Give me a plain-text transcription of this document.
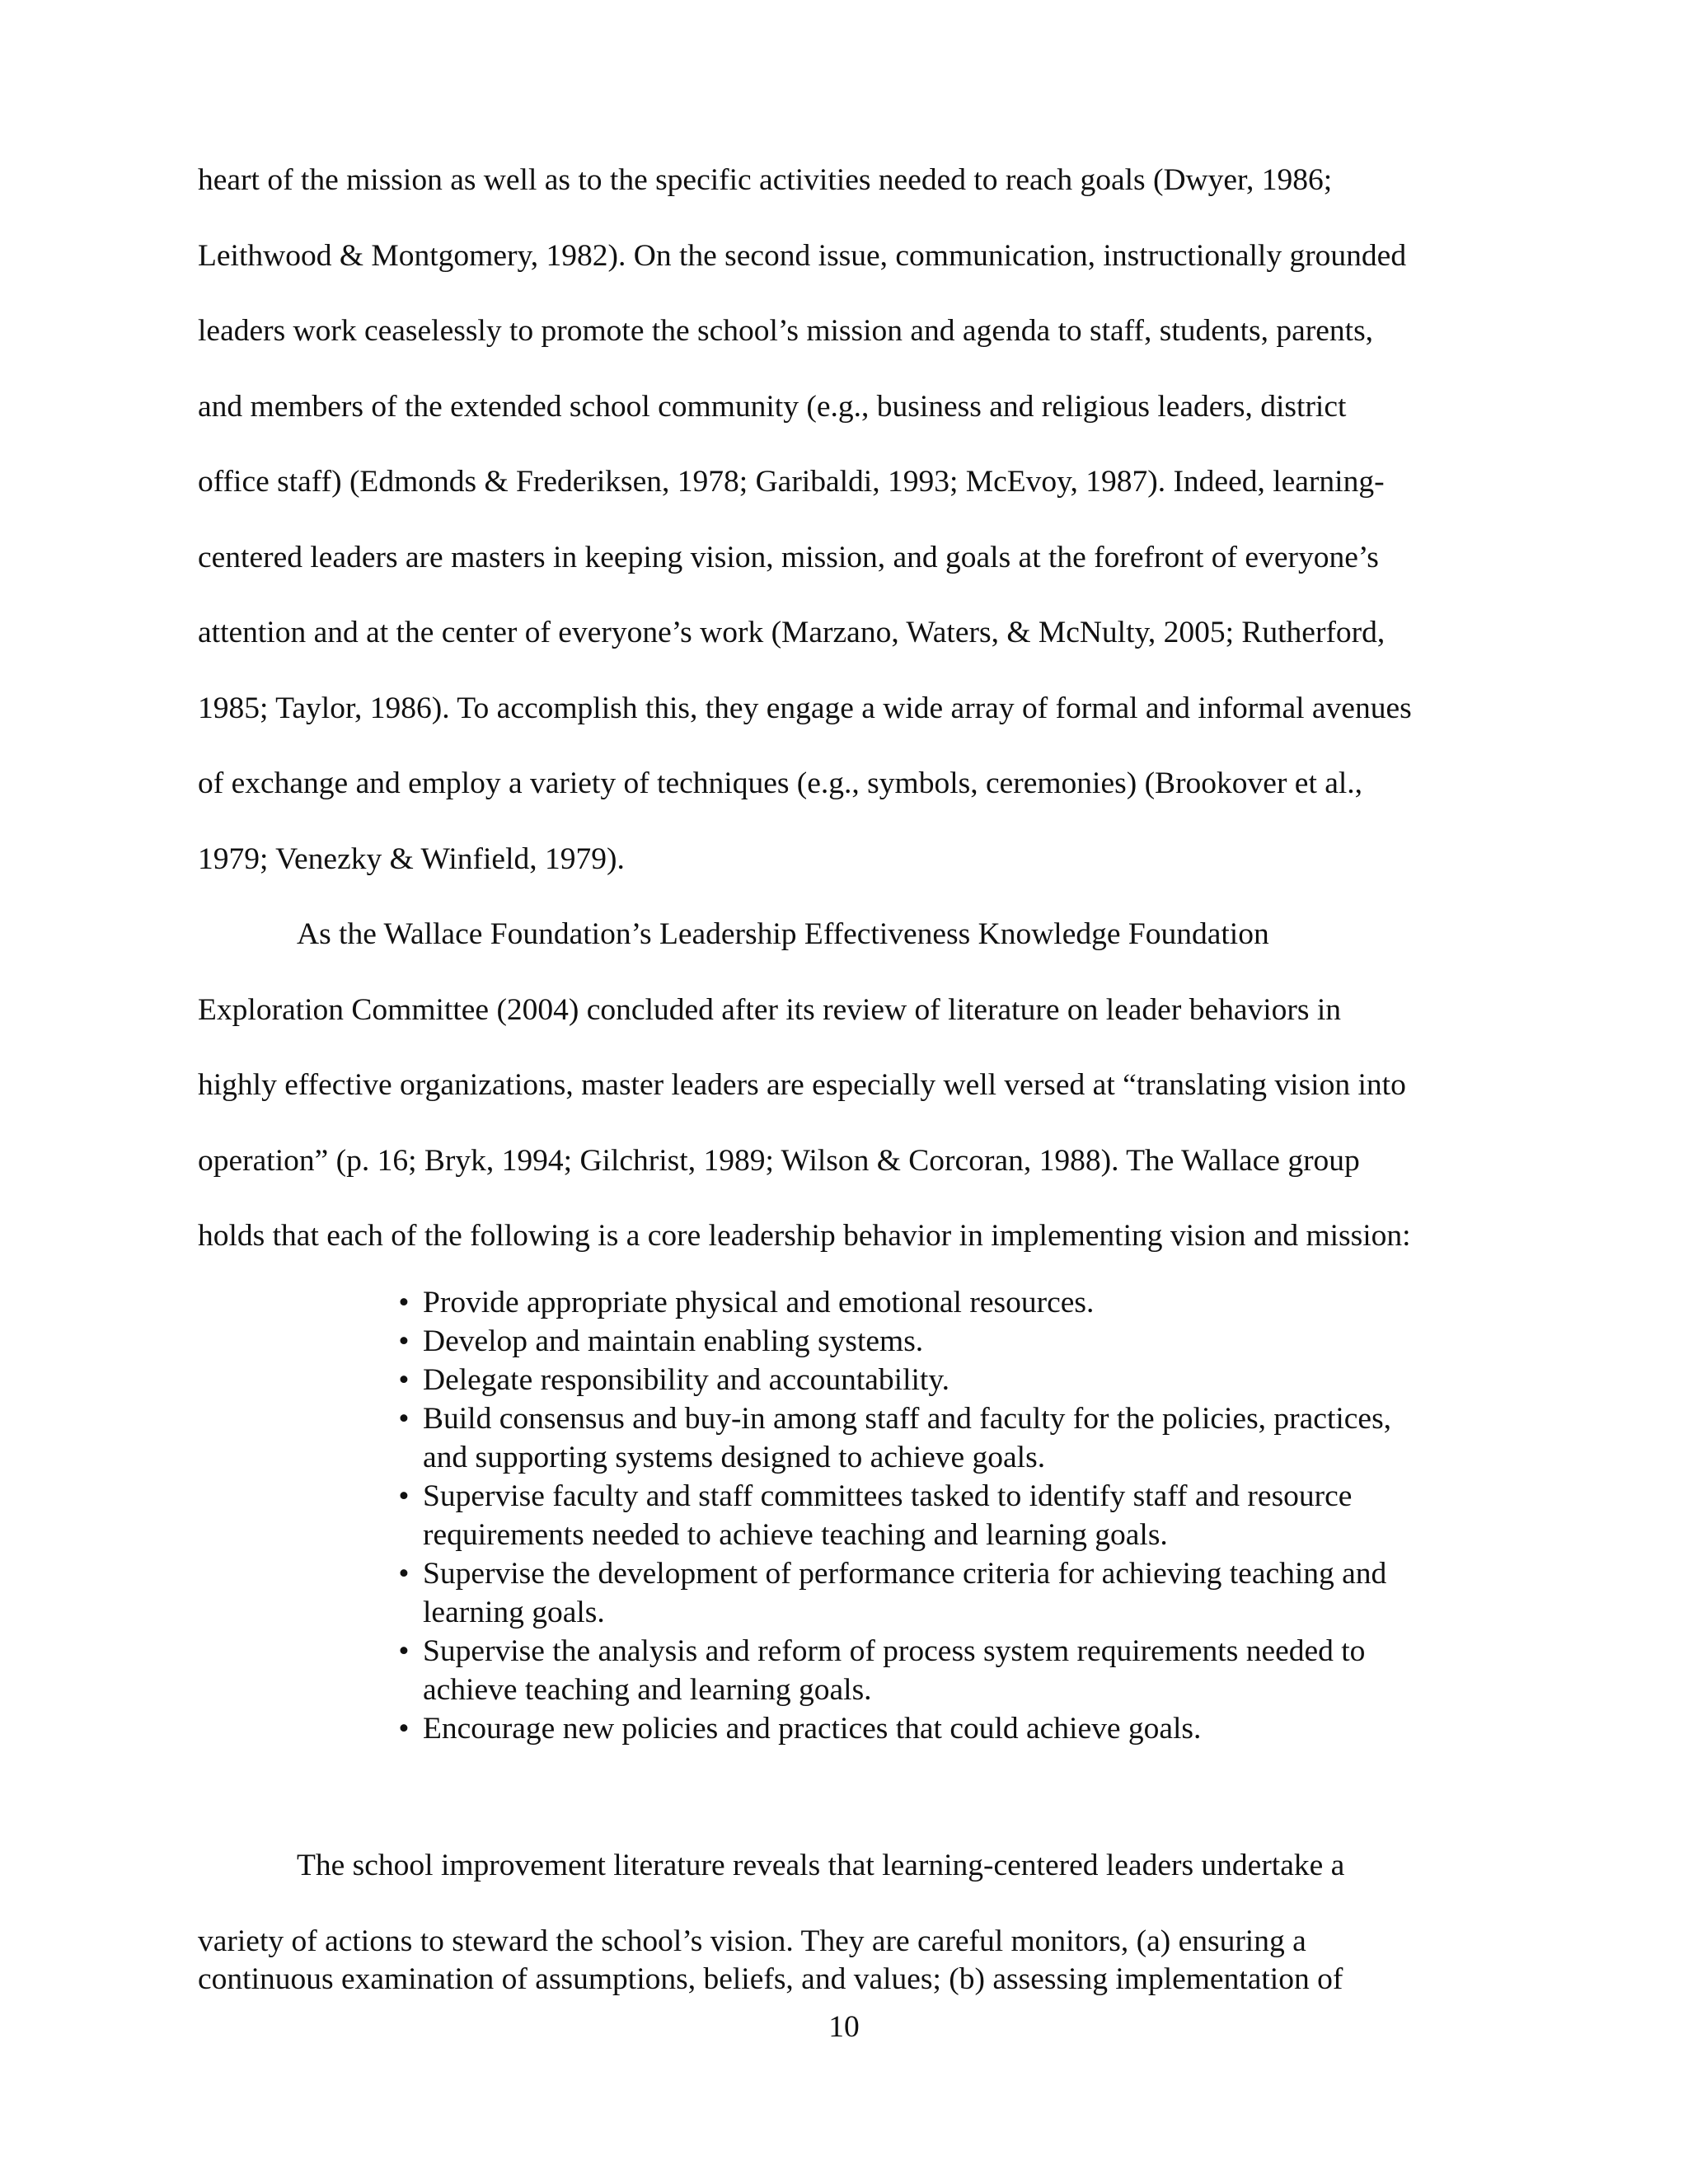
heart of the mission as well as to the specific activities needed to reach goals (Dwyer, 1986;
Leithwood & Montgomery, 1982). On the second issue, communication, instructionally grounded
leaders work ceaselessly to promote the school’s mission and agenda to staff, students, parents,
and members of the extended school community (e.g., business and religious leaders, district
office staff) (Edmonds & Frederiksen, 1978; Garibaldi, 1993; McEvoy, 1987). Indeed, learning-
centered leaders are masters in keeping vision, mission, and goals at the forefront of everyone’s
attention and at the center of everyone’s work (Marzano, Waters, & McNulty, 2005; Rutherford,
1985; Taylor, 1986). To accomplish this, they engage a wide array of formal and informal avenues
of exchange and employ a variety of techniques (e.g., symbols, ceremonies) (Brookover et al.,
1979; Venezky & Winfield, 1979).
As the Wallace Foundation’s Leadership Effectiveness Knowledge Foundation
Exploration Committee (2004) concluded after its review of literature on leader behaviors in
highly effective organizations, master leaders are especially well versed at “translating vision into
operation” (p. 16; Bryk, 1994; Gilchrist, 1989; Wilson & Corcoran, 1988). The Wallace group
holds that each of the following is a core leadership behavior in implementing vision and mission:
• Provide appropriate physical and emotional resources.
• Develop and maintain enabling systems.
• Delegate responsibility and accountability.
• Build consensus and buy-in among staff and faculty for the policies, practices,
and supporting systems designed to achieve goals.
• Supervise faculty and staff committees tasked to identify staff and resource
requirements needed to achieve teaching and learning goals.
• Supervise the development of performance criteria for achieving teaching and
learning goals.
• Supervise the analysis and reform of process system requirements needed to
achieve teaching and learning goals.
• Encourage new policies and practices that could achieve goals.
The school improvement literature reveals that learning-centered leaders undertake a
variety of actions to steward the school’s vision. They are careful monitors, (a) ensuring a
continuous examination of assumptions, beliefs, and values; (b) assessing implementation of
10
